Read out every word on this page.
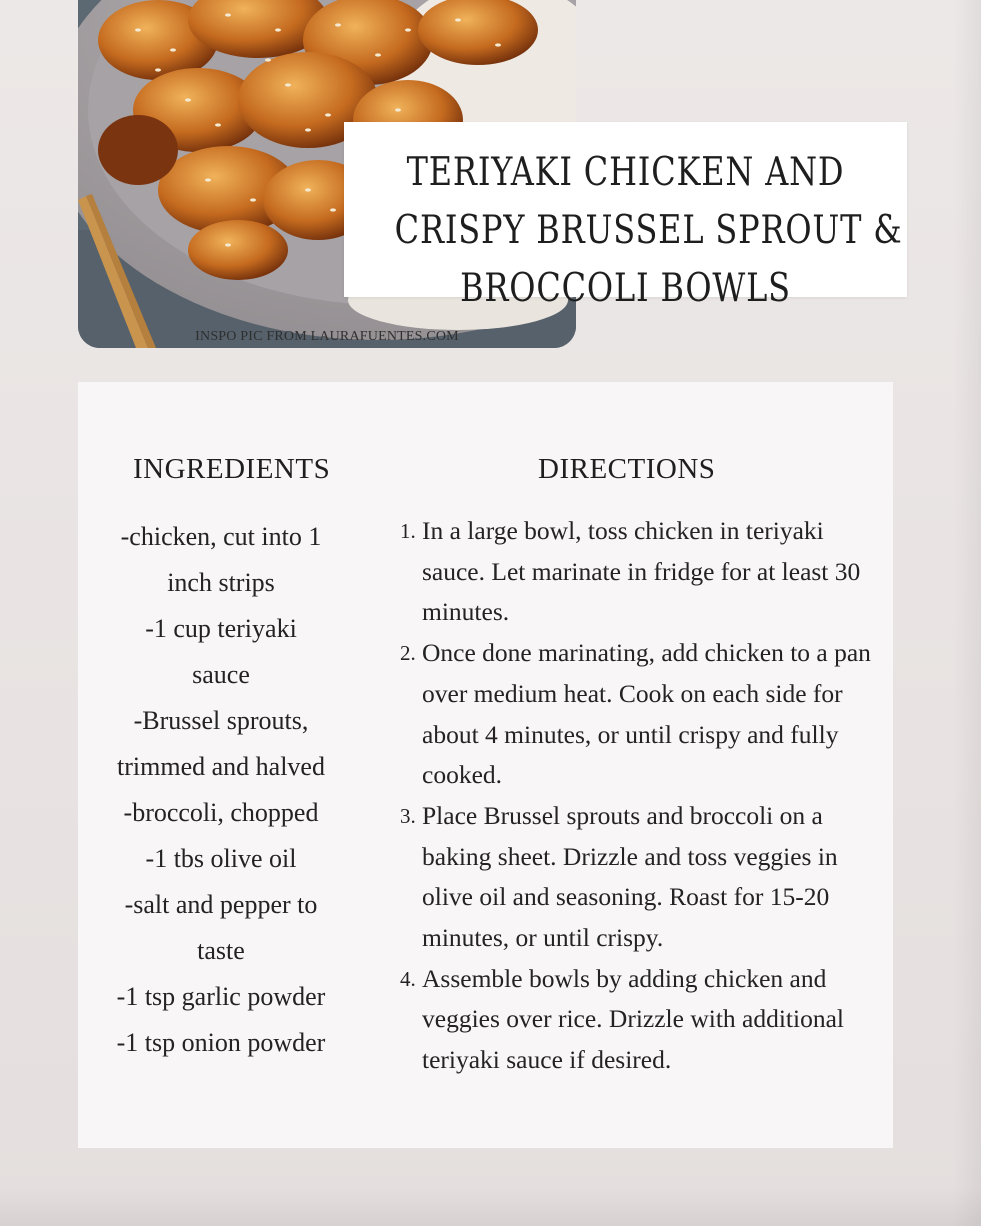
INSPO PIC FROM LAURAFUENTES.COM
TERIYAKI CHICKEN AND
CRISPY BRUSSEL SPROUT &
BROCCOLI BOWLS
INGREDIENTS	DIRECTIONS
-chicken, cut into 1
inch strips
-1 cup teriyaki
sauce
-Brussel sprouts,
trimmed and halved
-broccoli, chopped
-1 tbs olive oil
-salt and pepper to
taste
-1 tsp garlic powder
-1 tsp onion powder
1. In a large bowl, toss chicken in teriyaki sauce. Let marinate in fridge for at least 30 minutes.
2. Once done marinating, add chicken to a pan over medium heat. Cook on each side for about 4 minutes, or until crispy and fully cooked.
3. Place Brussel sprouts and broccoli on a baking sheet. Drizzle and toss veggies in olive oil and seasoning. Roast for 15-20 minutes, or until crispy.
4. Assemble bowls by adding chicken and veggies over rice. Drizzle with additional teriyaki sauce if desired.
